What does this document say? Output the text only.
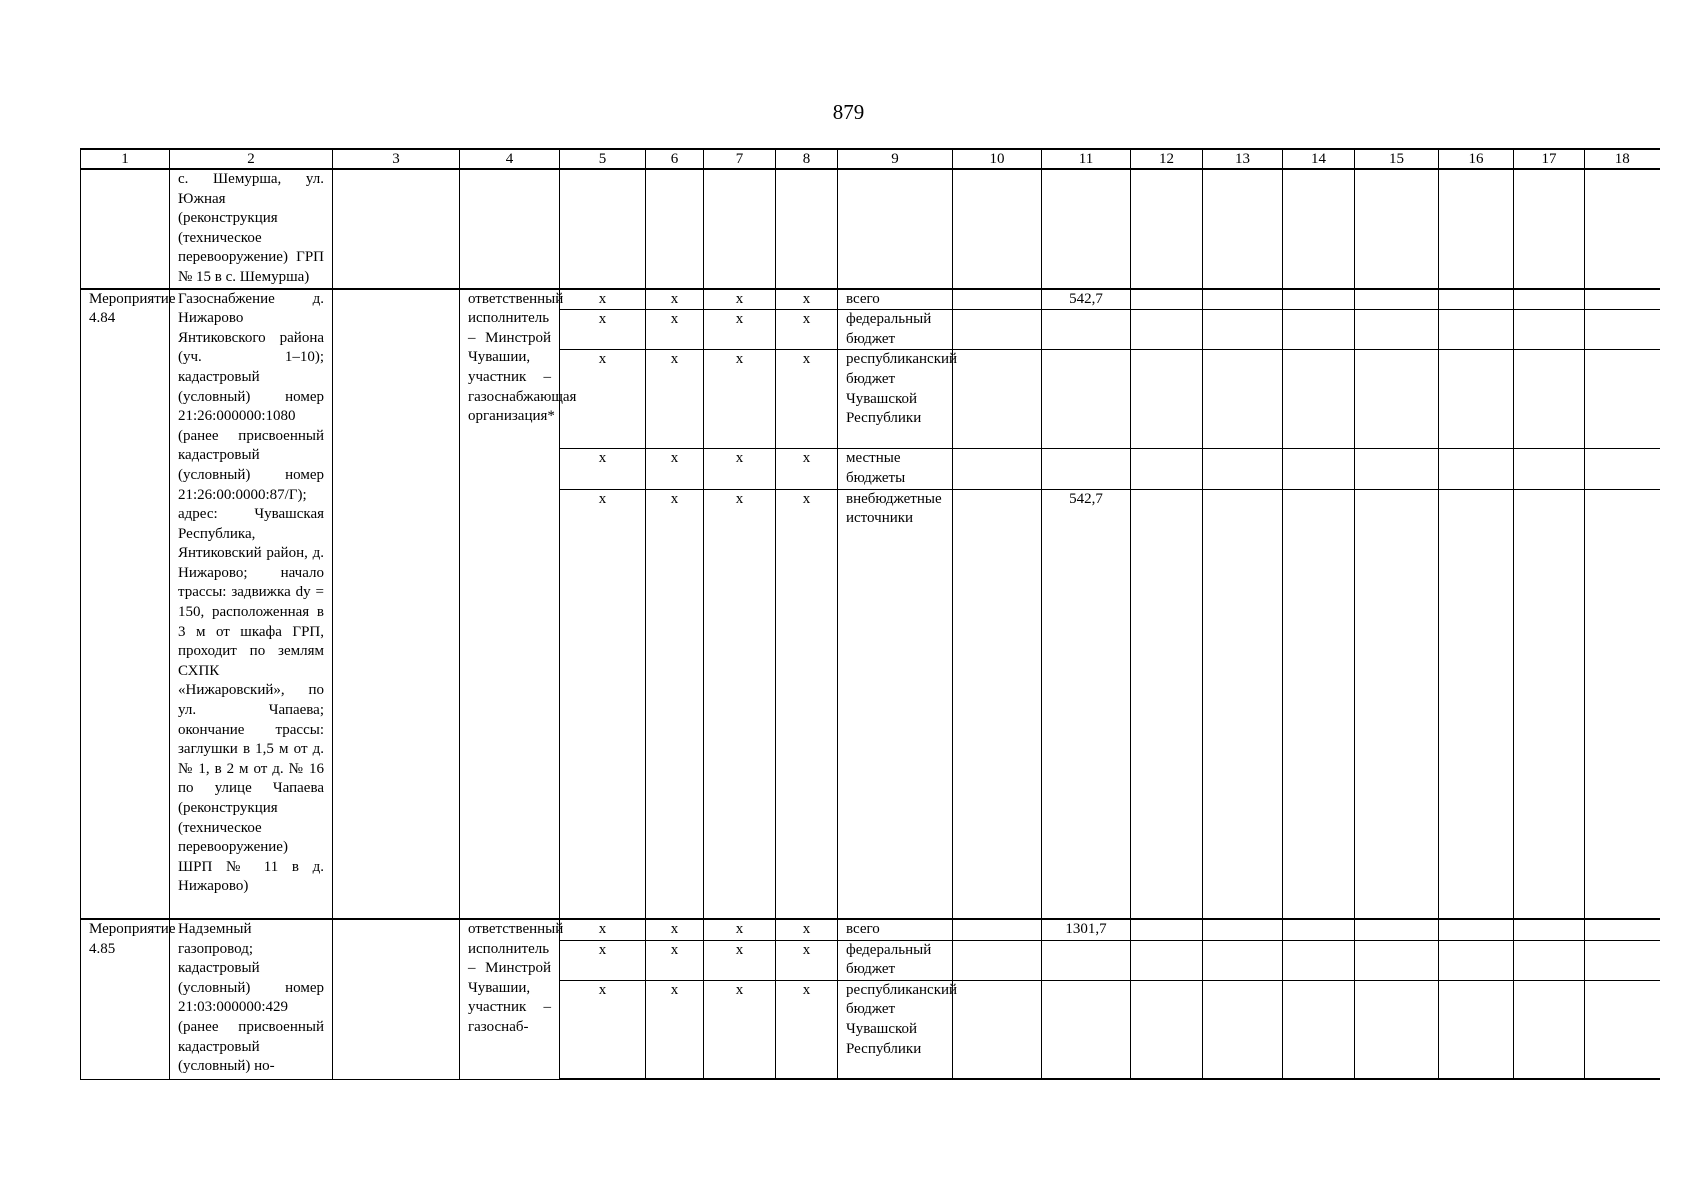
879
1	2	3	4	5	6	7	8	9	10	11	12	13	14	15	16	17	18
	с. Шемурша, ул. Южная (реконструкция (техническое перевооружение) ГРП № 15 в с. Шемурша)																
Мероприятие 4.84	Газоснабжение д. Нижарово Янтиковского района (уч. 1–10); кадастровый (условный) номер 21:26:000000:1080 (ранее присвоенный кадастровый (условный) номер 21:26:00:0000:87/Г); адрес: Чувашская Республика, Янтиковский район, д. Нижарово; начало трассы: задвижка dy = 150, расположенная в 3 м от шкафа ГРП, проходит по землям СХПК «Нижаровский», по ул. Чапаева; окончание трассы: заглушки в 1,5 м от д. № 1, в 2 м от д. № 16 по улице Чапаева (реконструкция (техническое перевооружение) ШРП № 11 в д. Нижарово)		ответственный исполнитель – Минстрой Чувашии, участник – газоснабжающая организация*	х	х	х	х	всего		542,7							
				х	х	х	х	федеральный бюджет									
				х	х	х	х	республиканский бюджет Чувашской Республики									
				х	х	х	х	местные бюджеты									
				х	х	х	х	внебюджетные источники		542,7							
Мероприятие 4.85	Надземный газопровод; кадастровый (условный) номер 21:03:000000:429 (ранее присвоенный кадастровый (условный) но-		ответственный исполнитель – Минстрой Чувашии, участник – газоснаб-	х	х	х	х	всего		1301,7							
				х	х	х	х	федеральный бюджет									
				х	х	х	х	республиканский бюджет Чувашской Республики									
